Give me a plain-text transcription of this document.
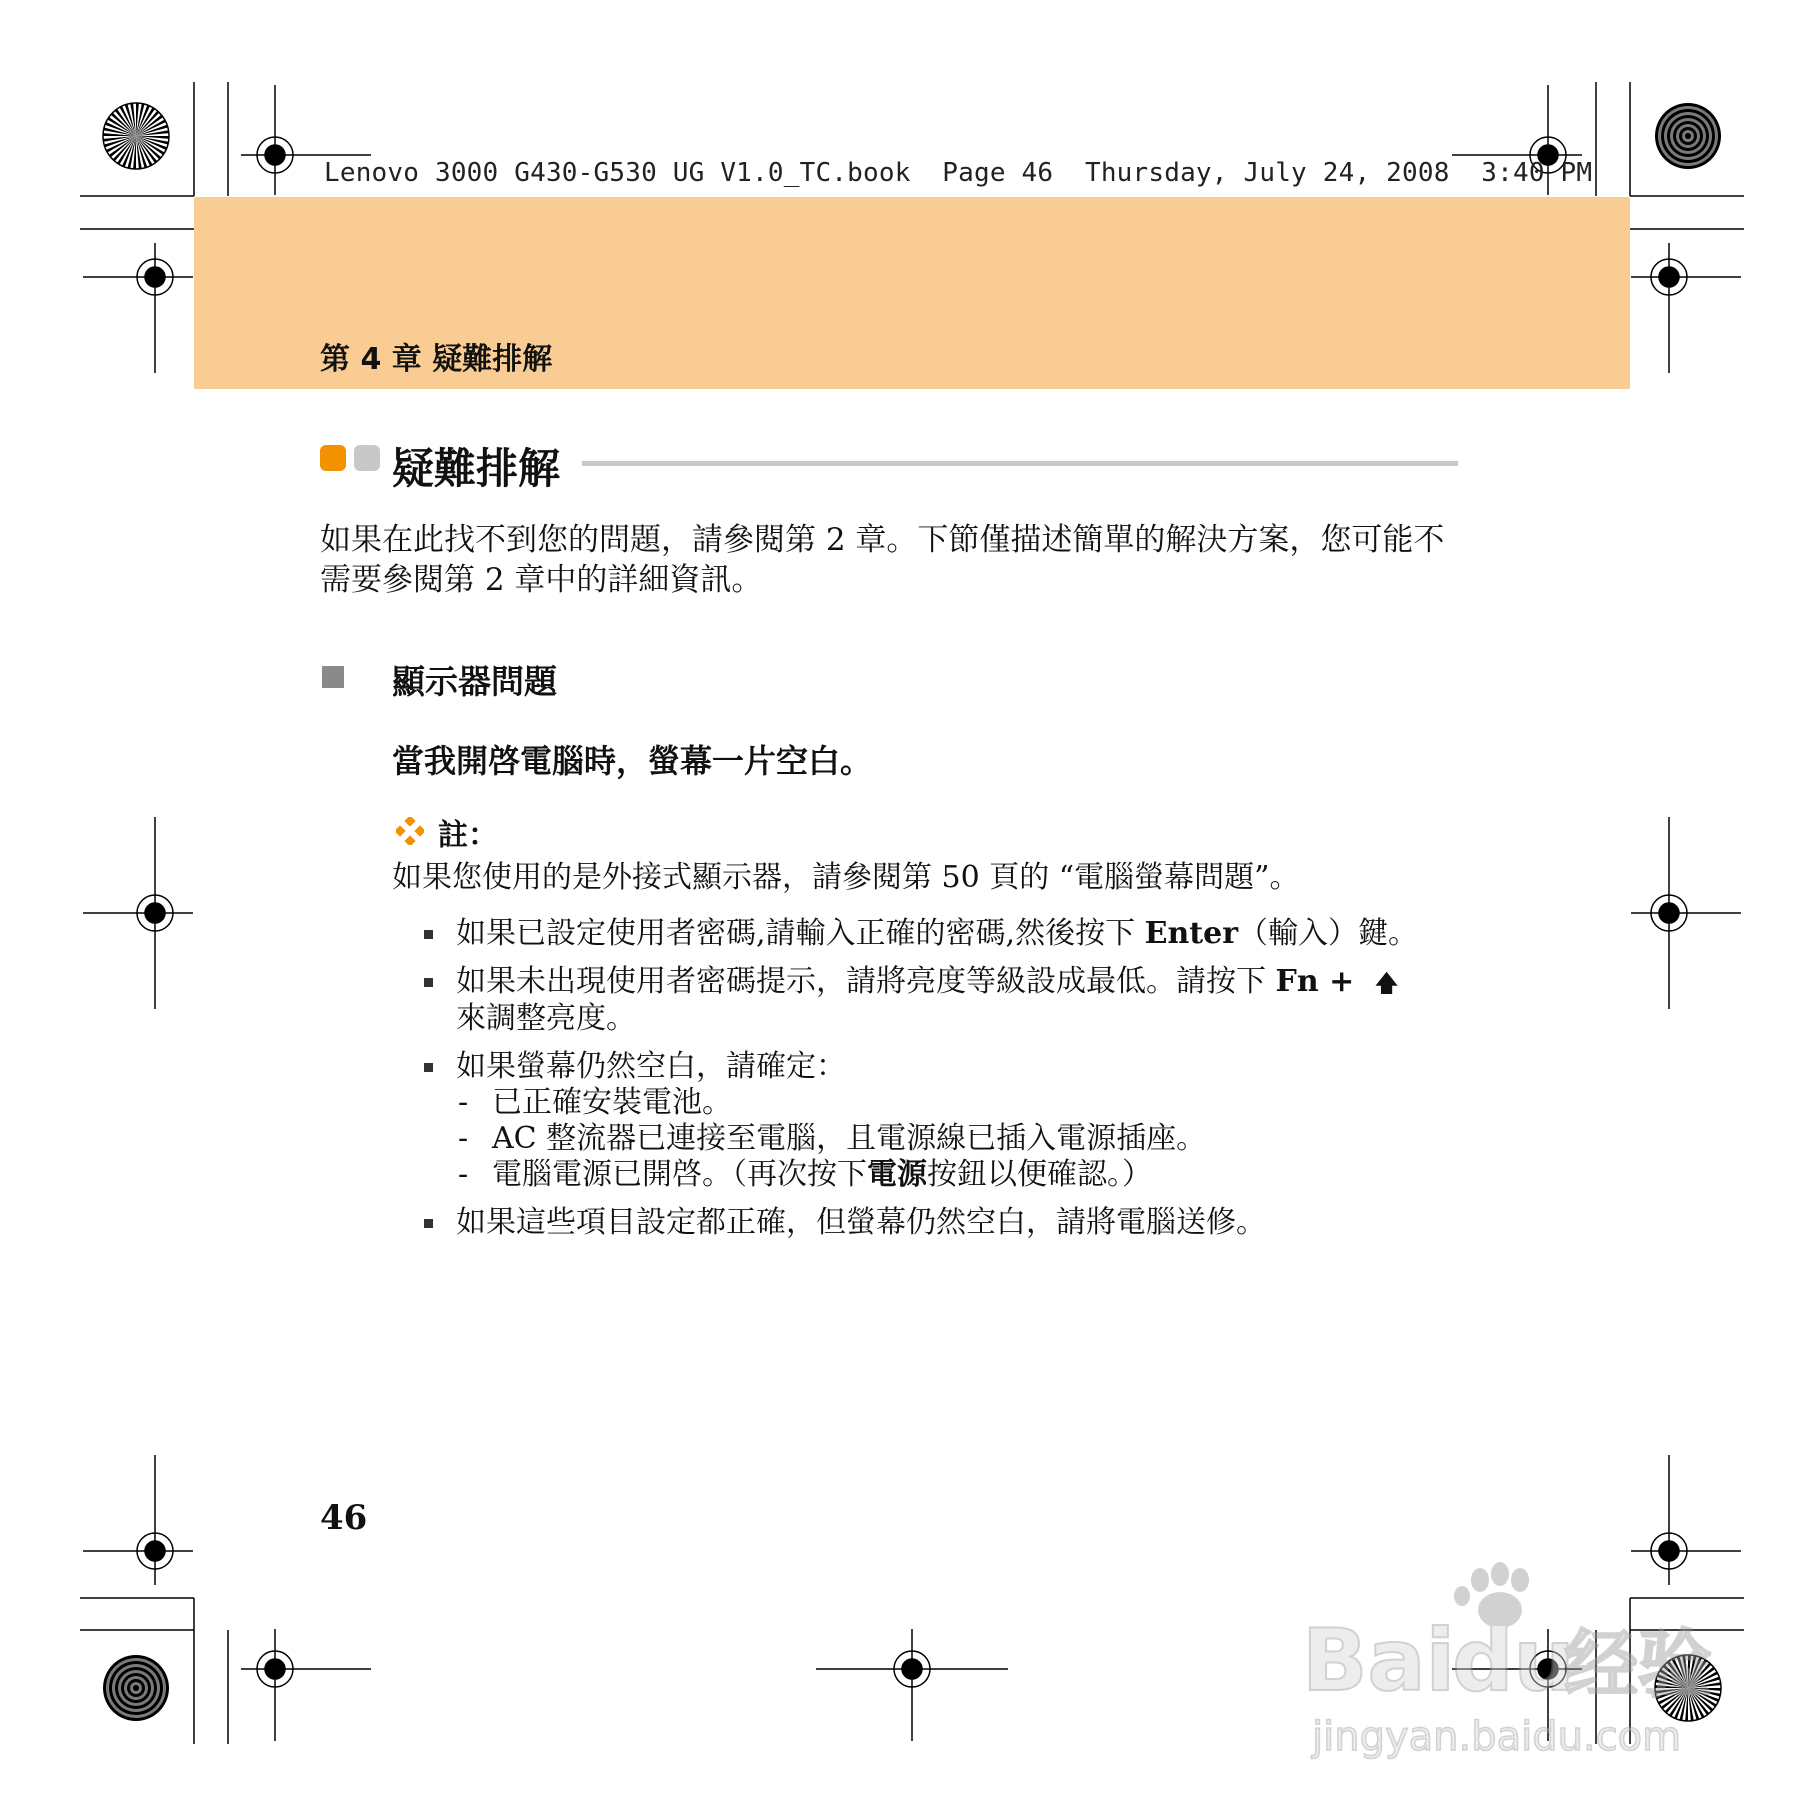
Lenovo 3000 G430-G530 UG V1.0_TC.book  Page 46  Thursday, July 24, 2008  3:40 PM
第 4 章 疑難排解
疑難排解
如果在此找不到您的問題，請參閱第 2 章。下節僅描述簡單的解決方案，您可能不需要參閱第 2 章中的詳細資訊。
顯示器問題
當我開啓電腦時，螢幕一片空白。
註：
如果您使用的是外接式顯示器，請參閱第 50 頁的 “電腦螢幕問題”。
如果已設定使用者密碼,請輸入正確的密碼,然後按下 Enter（輸入）鍵。
如果未出現使用者密碼提示，請將亮度等級設成最低。請按下 Fn + 🡅
來調整亮度。
如果螢幕仍然空白，請確定：
- 已正確安裝電池。
- AC 整流器已連接至電腦，且電源線已插入電源插座。
- 電腦電源已開啓。（再次按下電源按鈕以便確認。）
如果這些項目設定都正確，但螢幕仍然空白，請將電腦送修。
46
Bai
du
经验
jingyan.baidu.com
